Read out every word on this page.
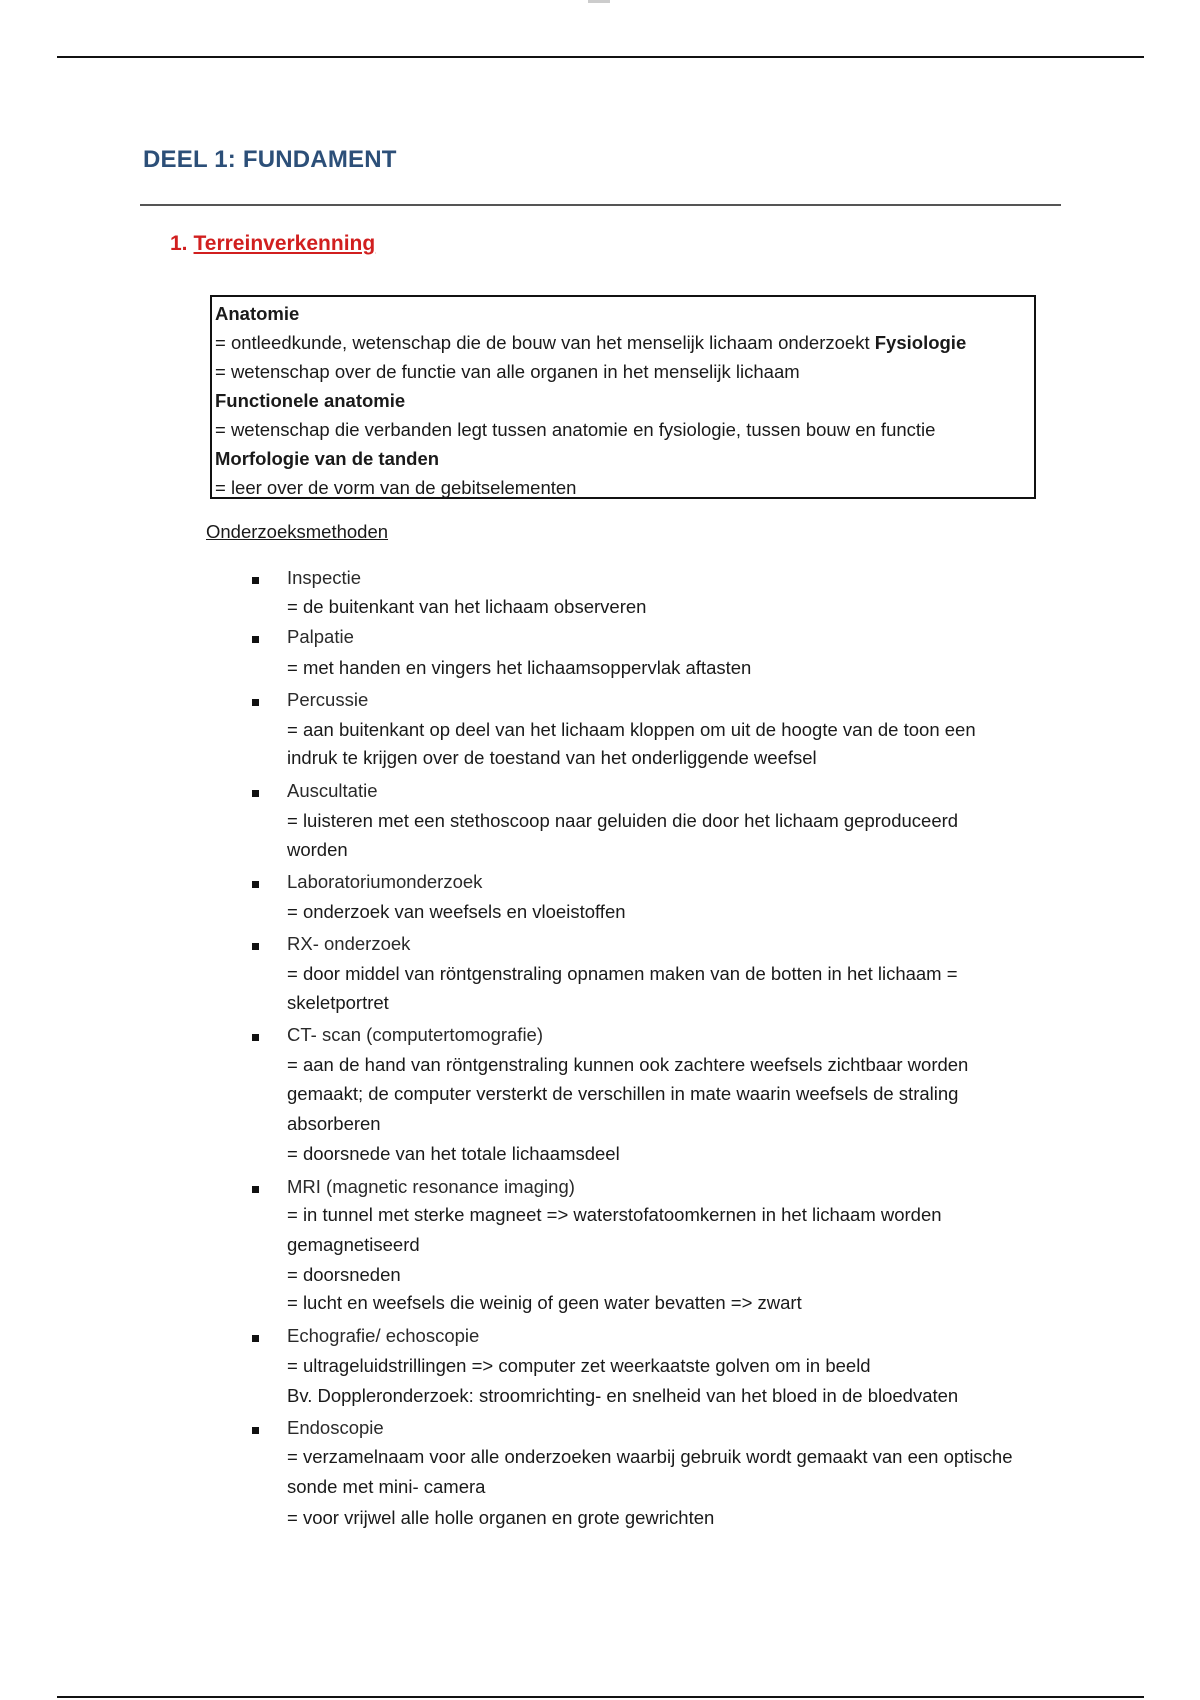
DEEL 1: FUNDAMENT
1. Terreinverkenning
Anatomie
= ontleedkunde, wetenschap die de bouw van het menselijk lichaam onderzoekt Fysiologie
= wetenschap over de functie van alle organen in het menselijk lichaam
Functionele anatomie
= wetenschap die verbanden legt tussen anatomie en fysiologie, tussen bouw en functie
Morfologie van de tanden
= leer over de vorm van de gebitselementen
Onderzoeksmethoden
Inspectie
= de buitenkant van het lichaam observeren
Palpatie
= met handen en vingers het lichaamsoppervlak aftasten
Percussie
= aan buitenkant op deel van het lichaam kloppen om uit de hoogte van de toon een
indruk te krijgen over de toestand van het onderliggende weefsel
Auscultatie
= luisteren met een stethoscoop naar geluiden die door het lichaam geproduceerd
worden
Laboratoriumonderzoek
= onderzoek van weefsels en vloeistoffen
RX- onderzoek
= door middel van röntgenstraling opnamen maken van de botten in het lichaam =
skeletportret
CT- scan (computertomografie)
= aan de hand van röntgenstraling kunnen ook zachtere weefsels zichtbaar worden
gemaakt; de computer versterkt de verschillen in mate waarin weefsels de straling
absorberen
= doorsnede van het totale lichaamsdeel
MRI (magnetic resonance imaging)
= in tunnel met sterke magneet => waterstofatoomkernen in het lichaam worden
gemagnetiseerd
= doorsneden
= lucht en weefsels die weinig of geen water bevatten => zwart
Echografie/ echoscopie
= ultrageluidstrillingen => computer zet weerkaatste golven om in beeld
Bv. Doppleronderzoek: stroomrichting- en snelheid van het bloed in de bloedvaten
Endoscopie
= verzamelnaam voor alle onderzoeken waarbij gebruik wordt gemaakt van een optische
sonde met mini- camera
= voor vrijwel alle holle organen en grote gewrichten
